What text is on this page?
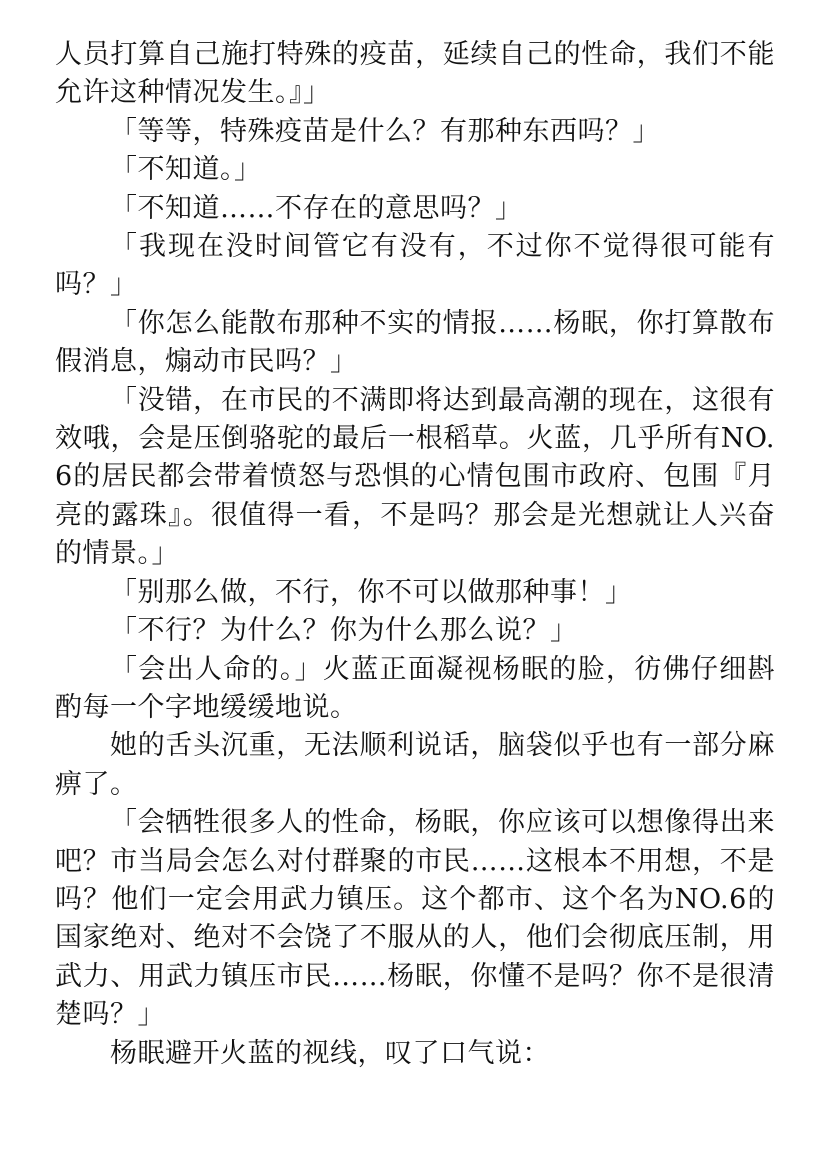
人员打算自己施打特殊的疫苗，延续自己的性命，我们不能允许这种情况发生。』」

「等等，特殊疫苗是什么？有那种东西吗？」

「不知道。」

「不知道……不存在的意思吗？」

「我现在没时间管它有没有，不过你不觉得很可能有吗？」

「你怎么能散布那种不实的情报……杨眠，你打算散布假消息，煽动市民吗？」

「没错，在市民的不满即将达到最高潮的现在，这很有效哦，会是压倒骆驼的最后一根稻草。火蓝，几乎所有NO.6的居民都会带着愤怒与恐惧的心情包围市政府、包围『月亮的露珠』。很值得一看，不是吗？那会是光想就让人兴奋的情景。」

「别那么做，不行，你不可以做那种事！」

「不行？为什么？你为什么那么说？」

「会出人命的。」火蓝正面凝视杨眠的脸，彷佛仔细斟酌每一个字地缓缓地说。

她的舌头沉重，无法顺利说话，脑袋似乎也有一部分麻痹了。

「会牺牲很多人的性命，杨眠，你应该可以想像得出来吧？市当局会怎么对付群聚的市民……这根本不用想，不是吗？他们一定会用武力镇压。这个都市、这个名为NO.6的国家绝对、绝对不会饶了不服从的人，他们会彻底压制，用武力、用武力镇压市民……杨眠，你懂不是吗？你不是很清楚吗？」

杨眠避开火蓝的视线，叹了口气说：
